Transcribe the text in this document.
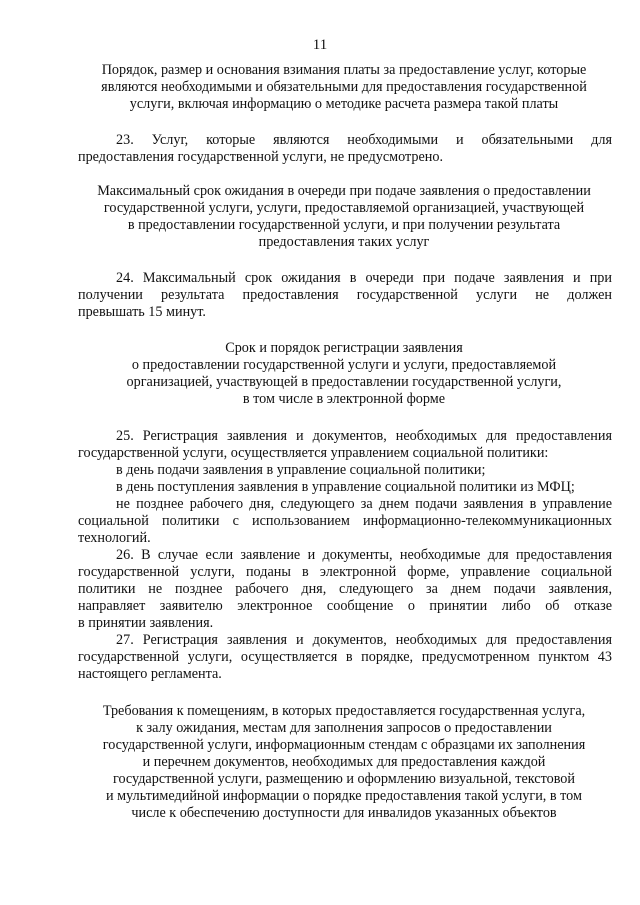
11
Порядок, размер и основания взимания платы за предоставление услуг, которые
являются необходимыми и обязательными для предоставления государственной
услуги, включая информацию о методике расчета размера такой платы
23. Услуг, которые являются необходимыми и обязательными для
предоставления государственной услуги, не предусмотрено.
Максимальный срок ожидания в очереди при подаче заявления о предоставлении
государственной услуги, услуги, предоставляемой организацией, участвующей
в предоставлении государственной услуги, и при получении результата
предоставления таких услуг
24. Максимальный срок ожидания в очереди при подаче заявления и при
получении результата предоставления государственной услуги не должен
превышать 15 минут.
Срок и порядок регистрации заявления
о предоставлении государственной услуги и услуги, предоставляемой
организацией, участвующей в предоставлении государственной услуги,
в том числе в электронной форме
25. Регистрация заявления и документов, необходимых для предоставления
государственной услуги, осуществляется управлением социальной политики:
в день подачи заявления в управление социальной политики;
в день поступления заявления в управление социальной политики из МФЦ;
не позднее рабочего дня, следующего за днем подачи заявления в управление
социальной политики с использованием информационно-телекоммуникационных
технологий.
26. В случае если заявление и документы, необходимые для предоставления
государственной услуги, поданы в электронной форме, управление социальной
политики не позднее рабочего дня, следующего за днем подачи заявления,
направляет заявителю электронное сообщение о принятии либо об отказе
в принятии заявления.
27. Регистрация заявления и документов, необходимых для предоставления
государственной услуги, осуществляется в порядке, предусмотренном пунктом 43
настоящего регламента.
Требования к помещениям, в которых предоставляется государственная услуга,
к залу ожидания, местам для заполнения запросов о предоставлении
государственной услуги, информационным стендам с образцами их заполнения
и перечнем документов, необходимых для предоставления каждой
государственной услуги, размещению и оформлению визуальной, текстовой
и мультимедийной информации о порядке предоставления такой услуги, в том
числе к обеспечению доступности для инвалидов указанных объектов
